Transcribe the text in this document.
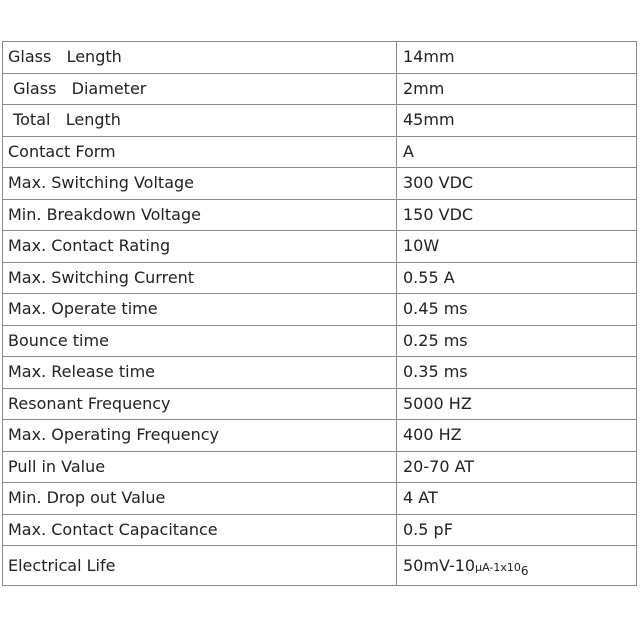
Glass   Length	14mm
Glass   Diameter	2mm
Total   Length	45mm
Contact Form	A
Max. Switching Voltage	300 VDC
Min. Breakdown Voltage	150 VDC
Max. Contact Rating	10W
Max. Switching Current	0.55 A
Max. Operate time	0.45 ms
Bounce time	0.25 ms
Max. Release time	0.35 ms
Resonant Frequency	5000 HZ
Max. Operating Frequency	400 HZ
Pull in Value	20-70 AT
Min. Drop out Value	4 AT
Max. Contact Capacitance	0.5 pF
Electrical Life	$50mV-10\mu A-1x10_6$
